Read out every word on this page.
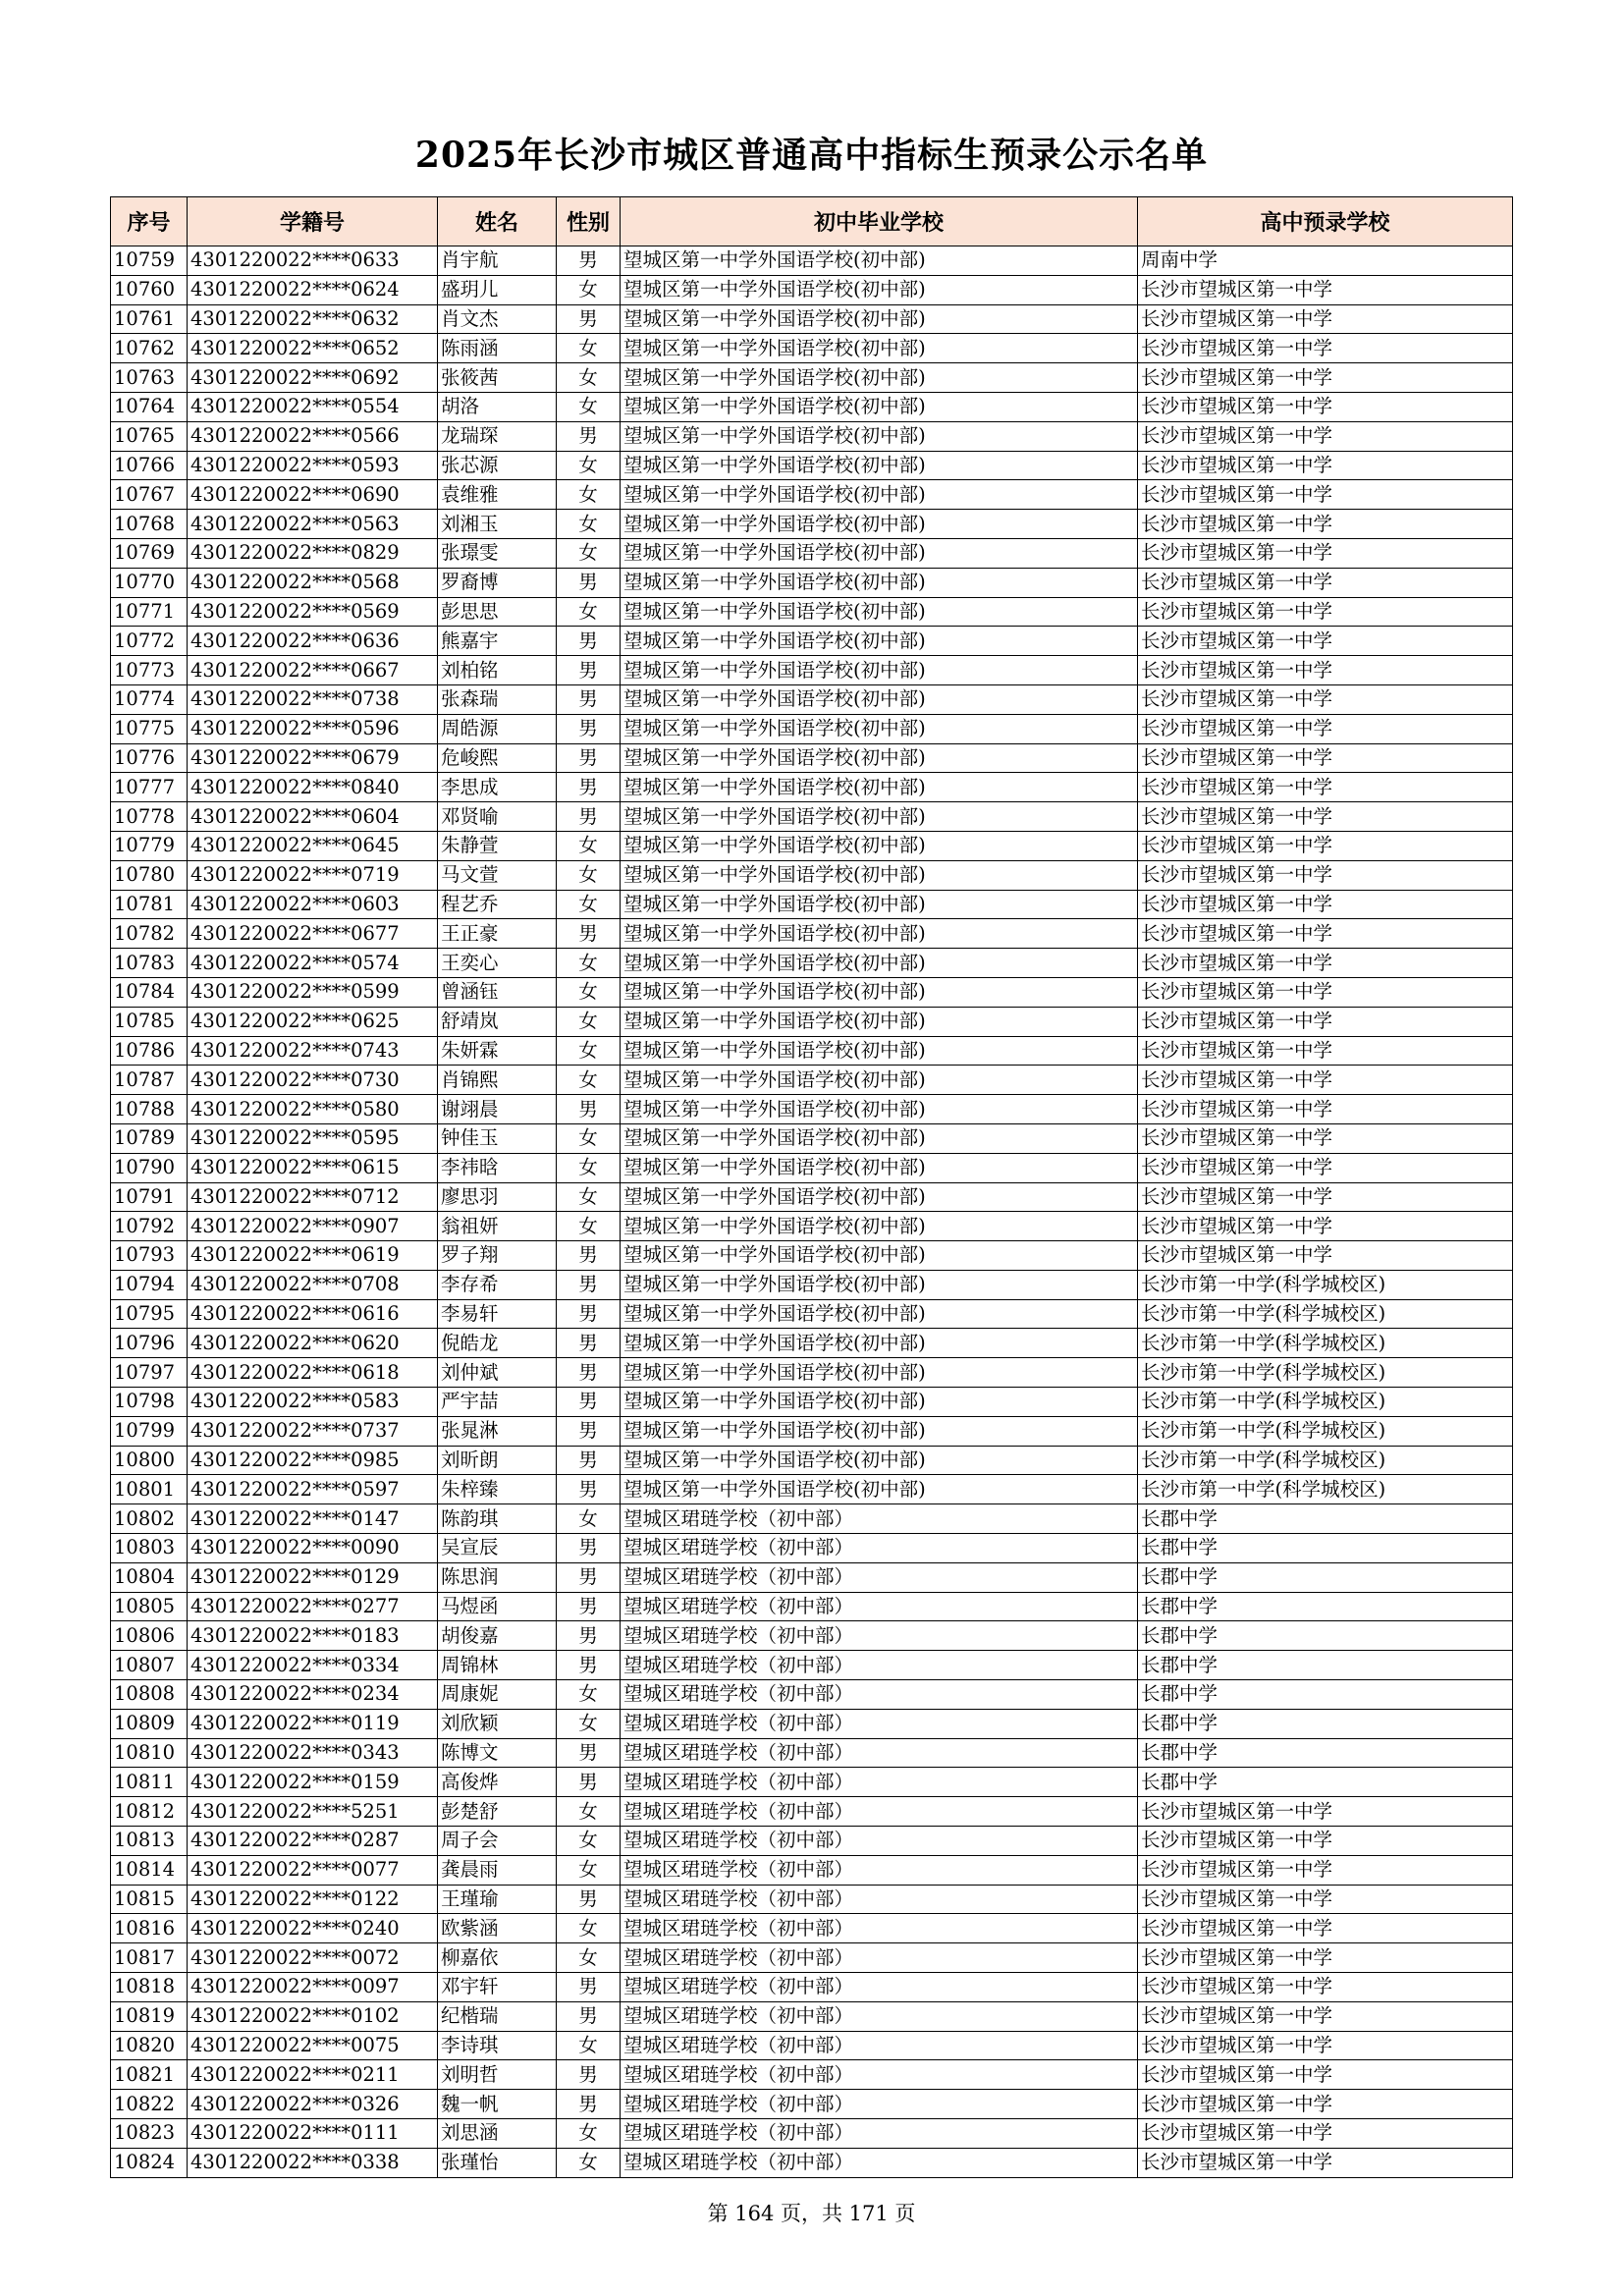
2025年长沙市城区普通高中指标生预录公示名单
序号	学籍号	姓名	性别	初中毕业学校	高中预录学校
10759	4301220022****0633	肖宇航	男	望城区第一中学外国语学校(初中部)	周南中学
10760	4301220022****0624	盛玥儿	女	望城区第一中学外国语学校(初中部)	长沙市望城区第一中学
10761	4301220022****0632	肖文杰	男	望城区第一中学外国语学校(初中部)	长沙市望城区第一中学
10762	4301220022****0652	陈雨涵	女	望城区第一中学外国语学校(初中部)	长沙市望城区第一中学
10763	4301220022****0692	张筱茜	女	望城区第一中学外国语学校(初中部)	长沙市望城区第一中学
10764	4301220022****0554	胡洛	女	望城区第一中学外国语学校(初中部)	长沙市望城区第一中学
10765	4301220022****0566	龙瑞琛	男	望城区第一中学外国语学校(初中部)	长沙市望城区第一中学
10766	4301220022****0593	张芯源	女	望城区第一中学外国语学校(初中部)	长沙市望城区第一中学
10767	4301220022****0690	袁维雅	女	望城区第一中学外国语学校(初中部)	长沙市望城区第一中学
10768	4301220022****0563	刘湘玉	女	望城区第一中学外国语学校(初中部)	长沙市望城区第一中学
10769	4301220022****0829	张璟雯	女	望城区第一中学外国语学校(初中部)	长沙市望城区第一中学
10770	4301220022****0568	罗裔博	男	望城区第一中学外国语学校(初中部)	长沙市望城区第一中学
10771	4301220022****0569	彭思思	女	望城区第一中学外国语学校(初中部)	长沙市望城区第一中学
10772	4301220022****0636	熊嘉宇	男	望城区第一中学外国语学校(初中部)	长沙市望城区第一中学
10773	4301220022****0667	刘柏铭	男	望城区第一中学外国语学校(初中部)	长沙市望城区第一中学
10774	4301220022****0738	张森瑞	男	望城区第一中学外国语学校(初中部)	长沙市望城区第一中学
10775	4301220022****0596	周皓源	男	望城区第一中学外国语学校(初中部)	长沙市望城区第一中学
10776	4301220022****0679	危峻熙	男	望城区第一中学外国语学校(初中部)	长沙市望城区第一中学
10777	4301220022****0840	李思成	男	望城区第一中学外国语学校(初中部)	长沙市望城区第一中学
10778	4301220022****0604	邓贤喻	男	望城区第一中学外国语学校(初中部)	长沙市望城区第一中学
10779	4301220022****0645	朱静萱	女	望城区第一中学外国语学校(初中部)	长沙市望城区第一中学
10780	4301220022****0719	马文萱	女	望城区第一中学外国语学校(初中部)	长沙市望城区第一中学
10781	4301220022****0603	程艺乔	女	望城区第一中学外国语学校(初中部)	长沙市望城区第一中学
10782	4301220022****0677	王正豪	男	望城区第一中学外国语学校(初中部)	长沙市望城区第一中学
10783	4301220022****0574	王奕心	女	望城区第一中学外国语学校(初中部)	长沙市望城区第一中学
10784	4301220022****0599	曾涵钰	女	望城区第一中学外国语学校(初中部)	长沙市望城区第一中学
10785	4301220022****0625	舒靖岚	女	望城区第一中学外国语学校(初中部)	长沙市望城区第一中学
10786	4301220022****0743	朱妍霖	女	望城区第一中学外国语学校(初中部)	长沙市望城区第一中学
10787	4301220022****0730	肖锦熙	女	望城区第一中学外国语学校(初中部)	长沙市望城区第一中学
10788	4301220022****0580	谢翊晨	男	望城区第一中学外国语学校(初中部)	长沙市望城区第一中学
10789	4301220022****0595	钟佳玉	女	望城区第一中学外国语学校(初中部)	长沙市望城区第一中学
10790	4301220022****0615	李祎晗	女	望城区第一中学外国语学校(初中部)	长沙市望城区第一中学
10791	4301220022****0712	廖思羽	女	望城区第一中学外国语学校(初中部)	长沙市望城区第一中学
10792	4301220022****0907	翁祖妍	女	望城区第一中学外国语学校(初中部)	长沙市望城区第一中学
10793	4301220022****0619	罗子翔	男	望城区第一中学外国语学校(初中部)	长沙市望城区第一中学
10794	4301220022****0708	李存希	男	望城区第一中学外国语学校(初中部)	长沙市第一中学(科学城校区)
10795	4301220022****0616	李易轩	男	望城区第一中学外国语学校(初中部)	长沙市第一中学(科学城校区)
10796	4301220022****0620	倪皓龙	男	望城区第一中学外国语学校(初中部)	长沙市第一中学(科学城校区)
10797	4301220022****0618	刘仲斌	男	望城区第一中学外国语学校(初中部)	长沙市第一中学(科学城校区)
10798	4301220022****0583	严宇喆	男	望城区第一中学外国语学校(初中部)	长沙市第一中学(科学城校区)
10799	4301220022****0737	张晁淋	男	望城区第一中学外国语学校(初中部)	长沙市第一中学(科学城校区)
10800	4301220022****0985	刘昕朗	男	望城区第一中学外国语学校(初中部)	长沙市第一中学(科学城校区)
10801	4301220022****0597	朱梓臻	男	望城区第一中学外国语学校(初中部)	长沙市第一中学(科学城校区)
10802	4301220022****0147	陈韵琪	女	望城区珺琏学校（初中部）	长郡中学
10803	4301220022****0090	吴宣辰	男	望城区珺琏学校（初中部）	长郡中学
10804	4301220022****0129	陈思润	男	望城区珺琏学校（初中部）	长郡中学
10805	4301220022****0277	马煜函	男	望城区珺琏学校（初中部）	长郡中学
10806	4301220022****0183	胡俊嘉	男	望城区珺琏学校（初中部）	长郡中学
10807	4301220022****0334	周锦林	男	望城区珺琏学校（初中部）	长郡中学
10808	4301220022****0234	周康妮	女	望城区珺琏学校（初中部）	长郡中学
10809	4301220022****0119	刘欣颖	女	望城区珺琏学校（初中部）	长郡中学
10810	4301220022****0343	陈博文	男	望城区珺琏学校（初中部）	长郡中学
10811	4301220022****0159	高俊烨	男	望城区珺琏学校（初中部）	长郡中学
10812	4301220022****5251	彭楚舒	女	望城区珺琏学校（初中部）	长沙市望城区第一中学
10813	4301220022****0287	周子会	女	望城区珺琏学校（初中部）	长沙市望城区第一中学
10814	4301220022****0077	龚晨雨	女	望城区珺琏学校（初中部）	长沙市望城区第一中学
10815	4301220022****0122	王瑾瑜	男	望城区珺琏学校（初中部）	长沙市望城区第一中学
10816	4301220022****0240	欧紫涵	女	望城区珺琏学校（初中部）	长沙市望城区第一中学
10817	4301220022****0072	柳嘉依	女	望城区珺琏学校（初中部）	长沙市望城区第一中学
10818	4301220022****0097	邓宇轩	男	望城区珺琏学校（初中部）	长沙市望城区第一中学
10819	4301220022****0102	纪楷瑞	男	望城区珺琏学校（初中部）	长沙市望城区第一中学
10820	4301220022****0075	李诗琪	女	望城区珺琏学校（初中部）	长沙市望城区第一中学
10821	4301220022****0211	刘明哲	男	望城区珺琏学校（初中部）	长沙市望城区第一中学
10822	4301220022****0326	魏一帆	男	望城区珺琏学校（初中部）	长沙市望城区第一中学
10823	4301220022****0111	刘思涵	女	望城区珺琏学校（初中部）	长沙市望城区第一中学
10824	4301220022****0338	张瑾怡	女	望城区珺琏学校（初中部）	长沙市望城区第一中学
第 164 页，共 171 页
